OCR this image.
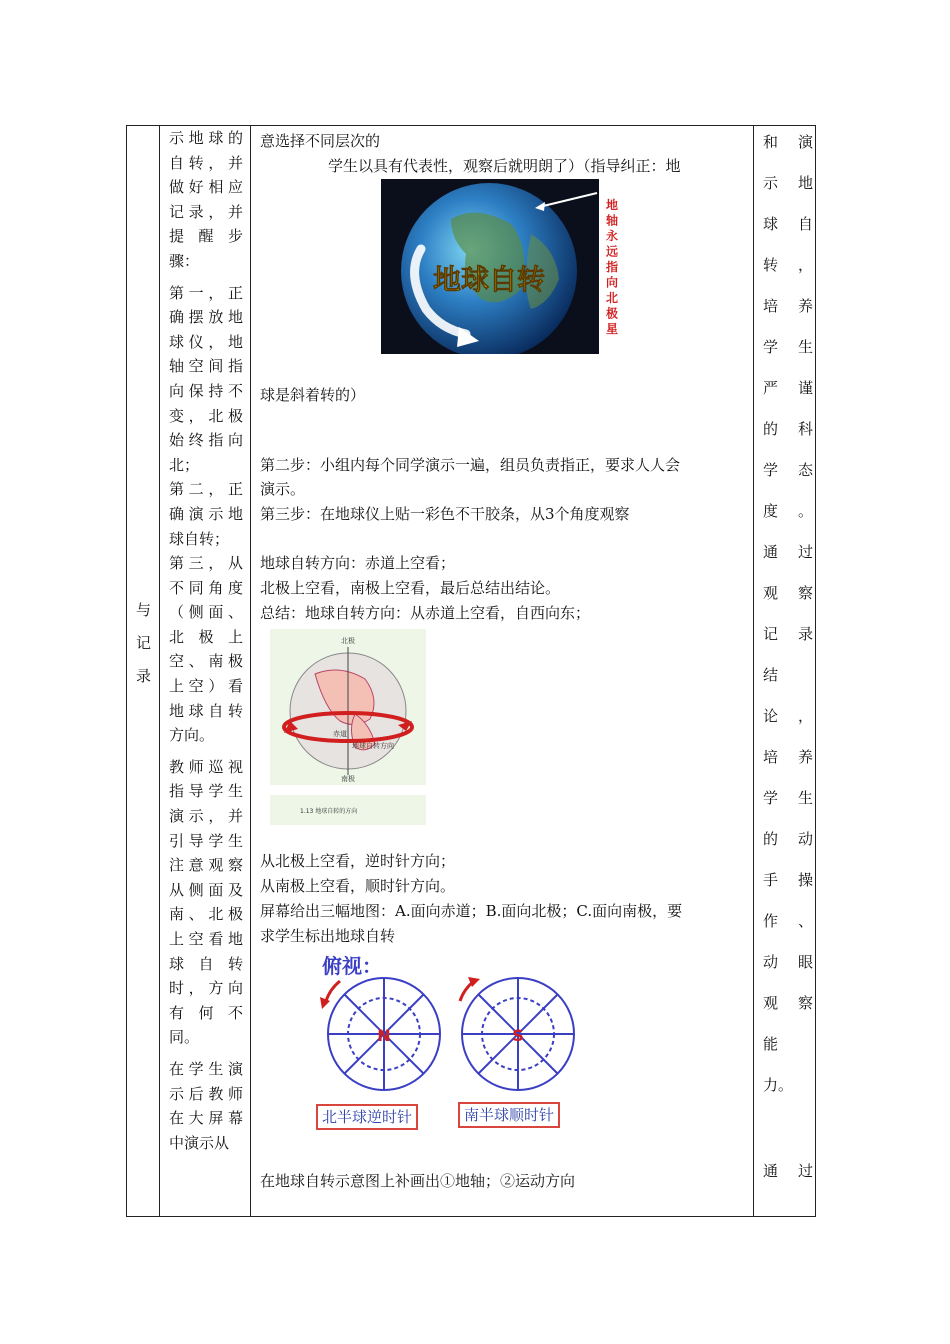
与
记
录

示地球的自转，并做好相应记录，并提醒步骤：

第一，正确摆放地球仪，地轴空间指向保持不变，北极始终指向北；

第二，正确演示地球自转；

第三，从不同角度（侧面、北极上空、南极上空）看地球自转方向。

教师巡视指导学生演示，并引导学生注意观察从侧面及南、北极上空看地球自转时，方向有何不同。

在学生演示后教师在大屏幕中演示从

意选择不同层次的
学生以具有代表性，观察后就明朗了）（指导纠正：地
地球自转
地
轴
永
远
指
向
北
极
星
球是斜着转的）
第二步：小组内每个同学演示一遍，组员负责指正，要求人人会
演示。
第三步：在地球仪上贴一彩色不干胶条，从3个角度观察
地球自转方向：赤道上空看；
北极上空看，南极上空看，最后总结出结论。
总结：地球自转方向：从赤道上空看，自西向东；
北极
赤道
地球自转方向
南极
1.13 地球自转的方向
从北极上空看，逆时针方向；
从南极上空看，顺时针方向。
屏幕给出三幅地图：A.面向赤道；B.面向北极；C.面向南极，要
求学生标出地球自转
俯视：
N	S
北半球逆时针	南半球顺时针
在地球自转示意图上补画出①地轴；②运动方向
和 演
示 地
球 自
转 ，
培 养
学 生
严 谨
的 科
学 态
度 。
通 过
观 察
记 录
结
论 ，
培 养
学 生
的 动
手 操
作 、
动 眼
观 察
能
力。
通 过
